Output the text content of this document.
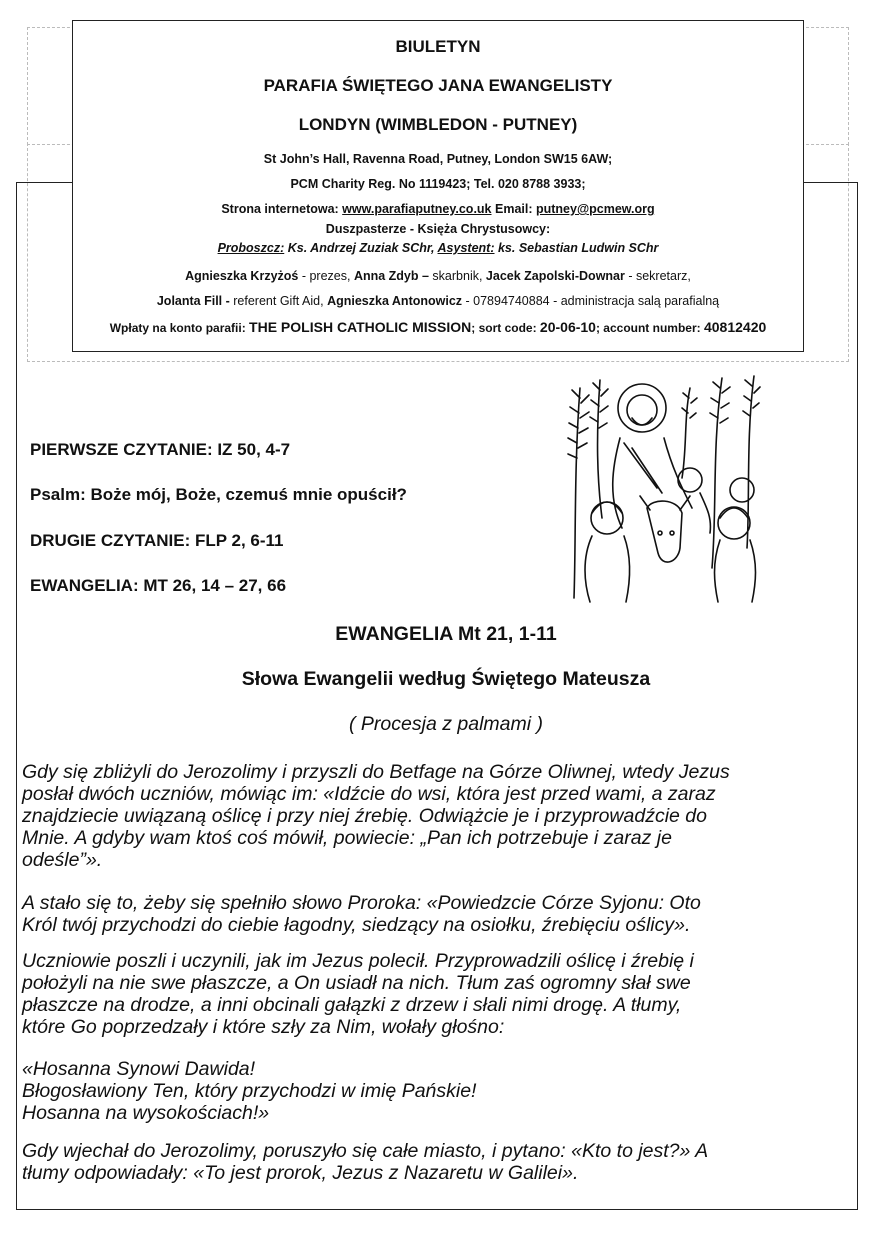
BIULETYN
PARAFIA ŚWIĘTEGO JANA EWANGELISTY
LONDYN (WIMBLEDON - PUTNEY)
St John’s Hall, Ravenna Road, Putney, London SW15 6AW;
PCM Charity Reg. No 1119423; Tel. 020 8788 3933;
Strona internetowa: www.parafiaputney.co.uk Email: putney@pcmew.org
Duszpasterze - Księża Chrystusowcy:
Proboszcz: Ks. Andrzej Zuziak SChr, Asystent: ks. Sebastian Ludwin SChr
Agnieszka Krzyżoś - prezes, Anna Zdyb – skarbnik, Jacek Zapolski-Downar - sekretarz,
Jolanta Fill - referent Gift Aid, Agnieszka Antonowicz - 07894740884 - administracja salą parafialną
Wpłaty na konto parafii: THE POLISH CATHOLIC MISSION; sort code: 20-06-10; account number: 40812420
PIERWSZE CZYTANIE: IZ 50, 4-7
Psalm: Boże mój, Boże, czemuś mnie opuścił?
DRUGIE CZYTANIE: FLP 2, 6-11
EWANGELIA: MT 26, 14 – 27, 66
EWANGELIA Mt 21, 1-11
Słowa Ewangelii według Świętego Mateusza
( Procesja z palmami )
Gdy się zbliżyli do Jerozolimy i przyszli do Betfage na Górze Oliwnej, wtedy Jezus
posłał dwóch uczniów, mówiąc im: «Idźcie do wsi, która jest przed wami, a zaraz
znajdziecie uwiązaną oślicę i przy niej źrebię. Odwiążcie je i przyprowadźcie do
Mnie. A gdyby wam ktoś coś mówił, powiecie: „Pan ich potrzebuje i zaraz je
odeśle”».
A stało się to, żeby się spełniło słowo Proroka: «Powiedzcie Córze Syjonu: Oto
Król twój przychodzi do ciebie łagodny, siedzący na osiołku, źrebięciu oślicy».
Uczniowie poszli i uczynili, jak im Jezus polecił. Przyprowadzili oślicę i źrebię i
położyli na nie swe płaszcze, a On usiadł na nich. Tłum zaś ogromny słał swe
płaszcze na drodze, a inni obcinali gałązki z drzew i słali nimi drogę. A tłumy,
które Go poprzedzały i które szły za Nim, wołały głośno:
«Hosanna Synowi Dawida!
Błogosławiony Ten, który przychodzi w imię Pańskie!
Hosanna na wysokościach!»
Gdy wjechał do Jerozolimy, poruszyło się całe miasto, i pytano: «Kto to jest?» A
tłumy odpowiadały: «To jest prorok, Jezus z Nazaretu w Galilei».
